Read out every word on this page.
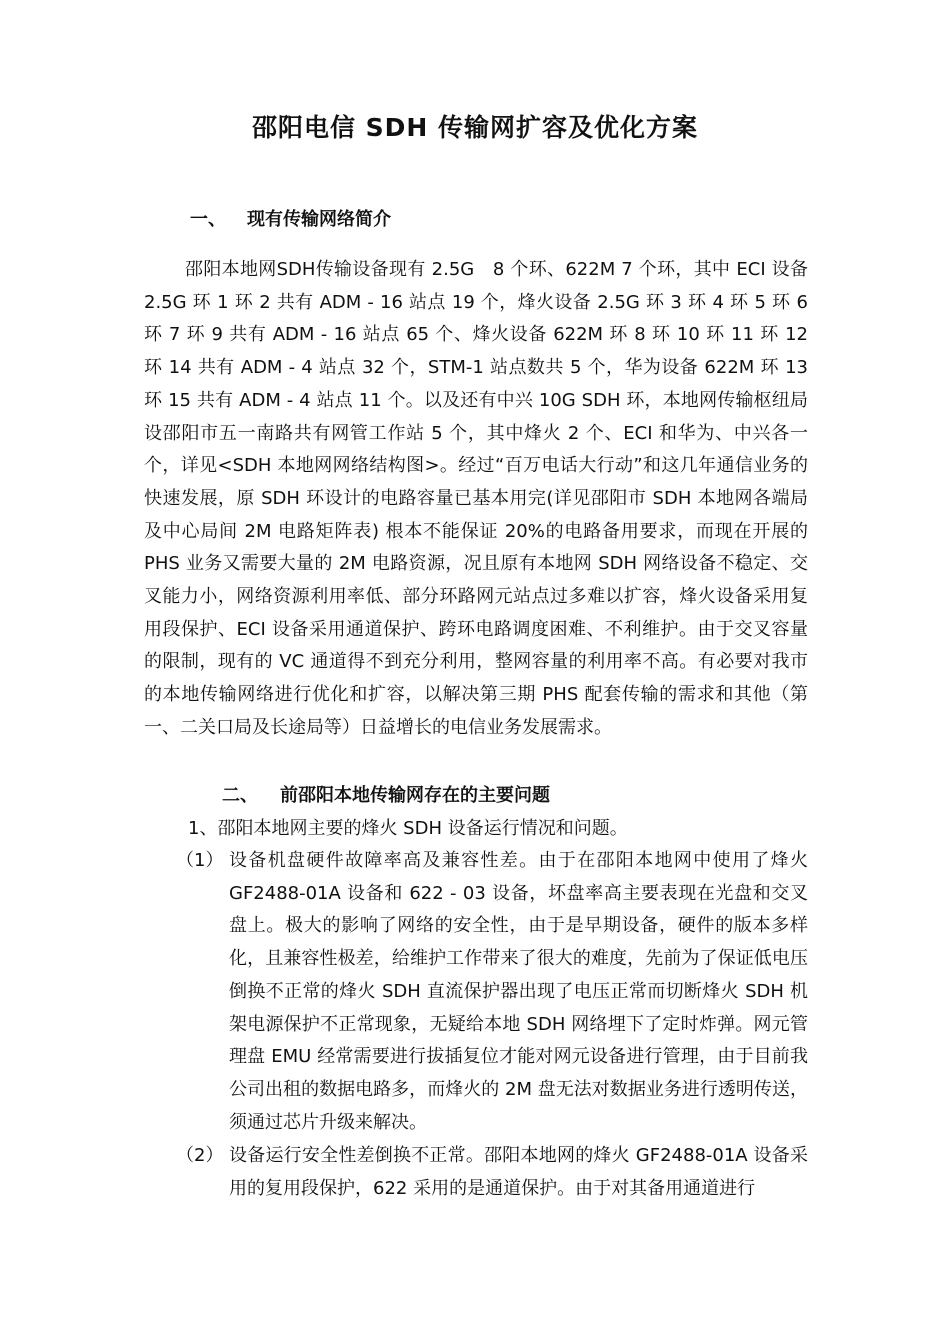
邵阳电信 SDH 传输网扩容及优化方案
一、 现有传输网络简介

邵阳本地网SDH传输设备现有 2.5G　8 个环、622M 7 个环，其中 ECI 设备 2.5G 环 1 环 2 共有 ADM - 16 站点 19 个，烽火设备 2.5G 环 3 环 4 环 5 环 6 环 7 环 9 共有 ADM - 16 站点 65 个、烽火设备 622M 环 8 环 10 环 11 环 12 环 14 共有 ADM - 4 站点 32 个，STM-1 站点数共 5 个，华为设备 622M 环 13 环 15 共有 ADM - 4 站点 11 个。以及还有中兴 10G SDH 环，本地网传输枢纽局设邵阳市五一南路共有网管工作站 5 个，其中烽火 2 个、ECI 和华为、中兴各一个，详见<SDH 本地网网络结构图>。经过“百万电话大行动”和这几年通信业务的快速发展，原 SDH 环设计的电路容量已基本用完(详见邵阳市 SDH 本地网各端局及中心局间 2M 电路矩阵表) 根本不能保证 20%的电路备用要求，而现在开展的 PHS 业务又需要大量的 2M 电路资源，况且原有本地网 SDH 网络设备不稳定、交叉能力小，网络资源利用率低、部分环路网元站点过多难以扩容，烽火设备采用复用段保护、ECI 设备采用通道保护、跨环电路调度困难、不利维护。由于交叉容量的限制，现有的 VC 通道得不到充分利用，整网容量的利用率不高。有必要对我市的本地传输网络进行优化和扩容，以解决第三期 PHS 配套传输的需求和其他（第一、二关口局及长途局等）日益增长的电信业务发展需求。

二、 前邵阳本地传输网存在的主要问题
1、邵阳本地网主要的烽火 SDH 设备运行情况和问题。
（1） 设备机盘硬件故障率高及兼容性差。由于在邵阳本地网中使用了烽火 GF2488-01A 设备和 622 - 03 设备，坏盘率高主要表现在光盘和交叉盘上。极大的影响了网络的安全性，由于是早期设备，硬件的版本多样化，且兼容性极差，给维护工作带来了很大的难度，先前为了保证低电压倒换不正常的烽火 SDH 直流保护器出现了电压正常而切断烽火 SDH 机架电源保护不正常现象，无疑给本地 SDH 网络埋下了定时炸弹。网元管理盘 EMU 经常需要进行拔插复位才能对网元设备进行管理，由于目前我公司出租的数据电路多，而烽火的 2M 盘无法对数据业务进行透明传送，须通过芯片升级来解决。

（2） 设备运行安全性差倒换不正常。邵阳本地网的烽火 GF2488-01A 设备采用的复用段保护，622 采用的是通道保护。由于对其备用通道进行
